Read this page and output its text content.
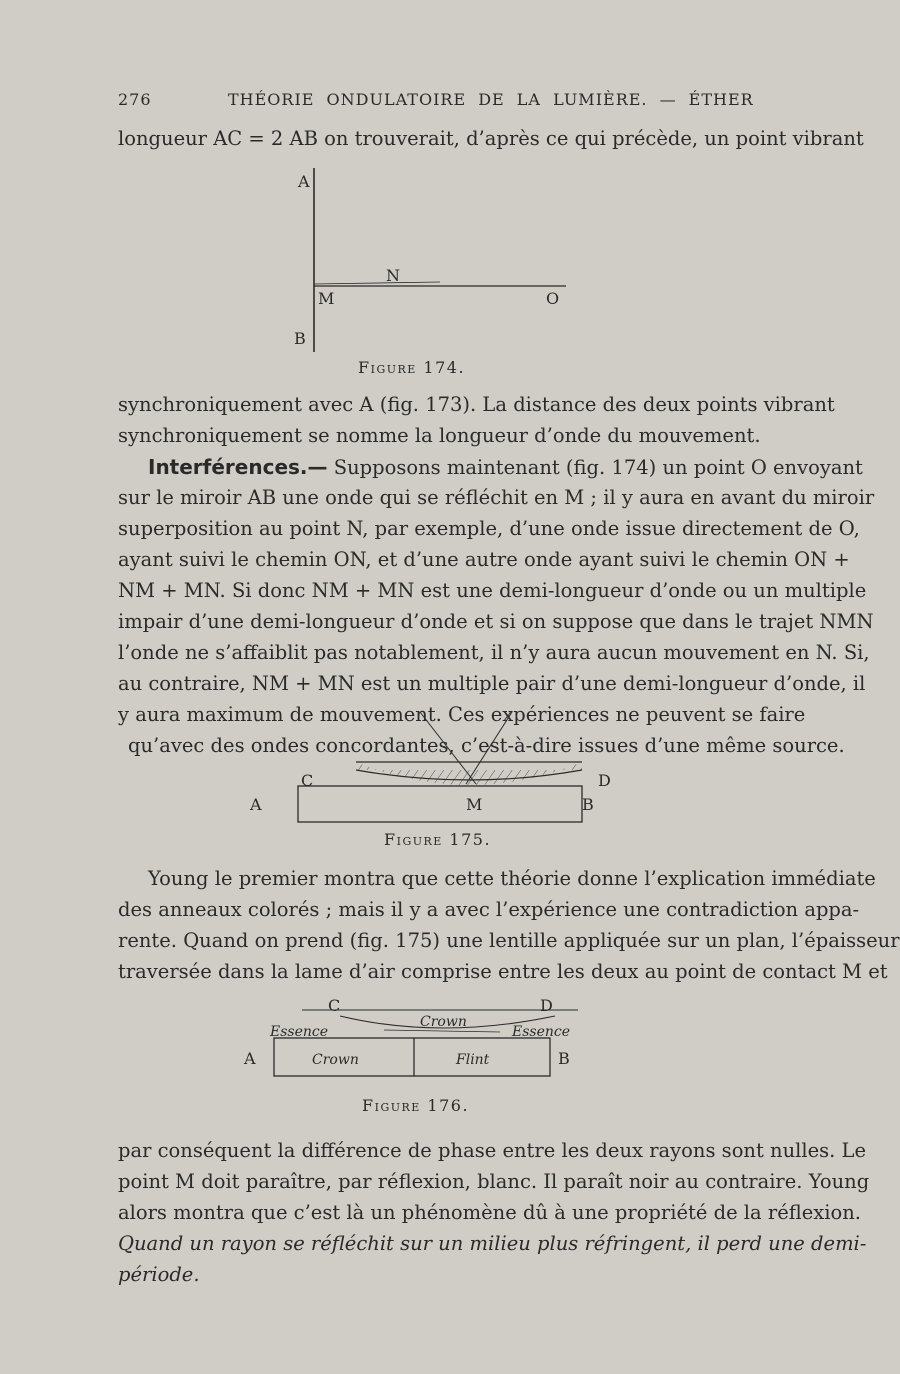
276	THÉORIE ONDULATOIRE DE LA LUMIÈRE. — ÉTHER
longueur AC = 2 AB on trouverait, d’après ce qui précède, un point vibrant
A
N
M	O
B
Figure 174.
synchroniquement avec A (fig. 173). La distance des deux points vibrant
synchroniquement se nomme la longueur d’onde du mouvement.
Interférences.— Supposons maintenant (fig. 174) un point O envoyant
sur le miroir AB une onde qui se réfléchit en M ; il y aura en avant du miroir
superposition au point N, par exemple, d’une onde issue directement de O,
ayant suivi le chemin ON, et d’une autre onde ayant suivi le chemin ON +
NM + MN. Si donc NM + MN est une demi-longueur d’onde ou un multiple
impair d’une demi-longueur d’onde et si on suppose que dans le trajet NMN
l’onde ne s’affaiblit pas notablement, il n’y aura aucun mouvement en N. Si,
au contraire, NM + MN est un multiple pair d’une demi-longueur d’onde, il
y aura maximum de mouvement. Ces expériences ne peuvent se faire
qu’avec des ondes concordantes, c’est-à-dire issues d’une même source.
C	D
A	M	B
Figure 175.
Young le premier montra que cette théorie donne l’explication immédiate
des anneaux colorés ; mais il y a avec l’expérience une contradiction appa-
rente. Quand on prend (fig. 175) une lentille appliquée sur un plan, l’épaisseur
traversée dans la lame d’air comprise entre les deux au point de contact M et
C	D
Essence
Crown
Essence
A	Crown	Flint	B
Figure 176.
par conséquent la différence de phase entre les deux rayons sont nulles. Le
point M doit paraître, par réflexion, blanc. Il paraît noir au contraire. Young
alors montra que c’est là un phénomène dû à une propriété de la réflexion.
Quand un rayon se réfléchit sur un milieu plus réfringent, il perd une demi-
période.
